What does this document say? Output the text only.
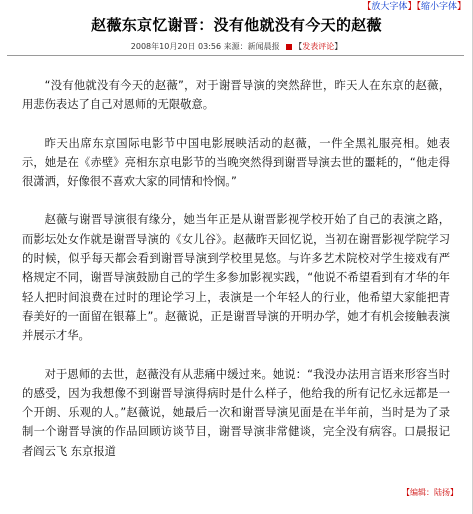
【放大字体】【缩小字体】
赵薇东京忆谢晋：没有他就没有今天的赵薇
2008年10月20日 03:56 来源：新闻晨报 【发表评论】

“没有他就没有今天的赵薇”，对于谢晋导演的突然辞世，昨天人在东京的赵薇，用悲伤表达了自己对恩师的无限敬意。

昨天出席东京国际电影节中国电影展映活动的赵薇，一件全黑礼服亮相。她表示，她是在《赤壁》亮相东京电影节的当晚突然得到谢晋导演去世的噩耗的，“他走得很潇洒，好像很不喜欢大家的同情和怜悯。”

赵薇与谢晋导演很有缘分，她当年正是从谢晋影视学校开始了自己的表演之路，而影坛处女作就是谢晋导演的《女儿谷》。赵薇昨天回忆说，当初在谢晋影视学院学习的时候，似乎每天都会看到谢晋导演到学校里晃悠。与许多艺术院校对学生接戏有严格规定不同，谢晋导演鼓励自己的学生多参加影视实践，“他说不希望看到有才华的年轻人把时间浪费在过时的理论学习上，表演是一个年轻人的行业，他希望大家能把青春美好的一面留在银幕上”。赵薇说，正是谢晋导演的开明办学，她才有机会接触表演并展示才华。

对于恩师的去世，赵薇没有从悲痛中缓过来。她说：“我没办法用言语来形容当时的感受，因为我想像不到谢晋导演得病时是什么样子，他给我的所有记忆永远都是一个开朗、乐观的人。”赵薇说，她最后一次和谢晋导演见面是在半年前，当时是为了录制一个谢晋导演的作品回顾访谈节目，谢晋导演非常健谈，完全没有病容。口晨报记者阎云飞 东京报道

【编辑：陆扬】
